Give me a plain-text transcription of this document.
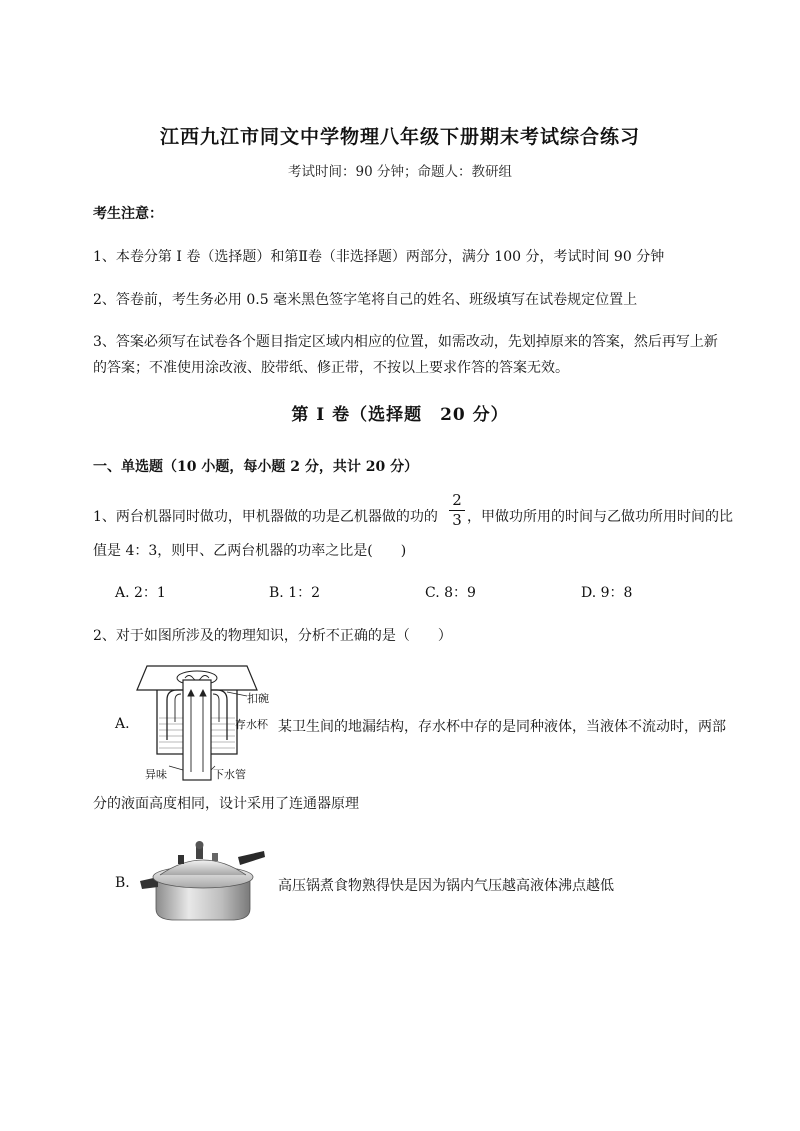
江西九江市同文中学物理八年级下册期末考试综合练习
考试时间：90 分钟；命题人：教研组
考生注意：
1、本卷分第 I 卷（选择题）和第Ⅱ卷（非选择题）两部分，满分 100 分，考试时间 90 分钟
2、答卷前，考生务必用 0.5 毫米黑色签字笔将自己的姓名、班级填写在试卷规定位置上
3、答案必须写在试卷各个题目指定区域内相应的位置，如需改动，先划掉原来的答案，然后再写上新
的答案；不准使用涂改液、胶带纸、修正带，不按以上要求作答的答案无效。
第 I 卷（选择题　20 分）
一、单选题（10 小题，每小题 2 分，共计 20 分）
1、两台机器同时做功，甲机器做的功是乙机器做的功的
2
3 ，甲做功所用的时间与乙做功所用时间的比
值是 4：3，则甲、乙两台机器的功率之比是(　　)
A. 2：1	B. 1：2	C. 8：9	D. 9：8
2、对于如图所涉及的物理知识，分析不正确的是（　　）
A.
扣碗
存水杯
异味	下水管
某卫生间的地漏结构，存水杯中存的是同种液体，当液体不流动时，两部
分的液面高度相同，设计采用了连通器原理
B.	高压锅煮食物熟得快是因为锅内气压越高液体沸点越低
